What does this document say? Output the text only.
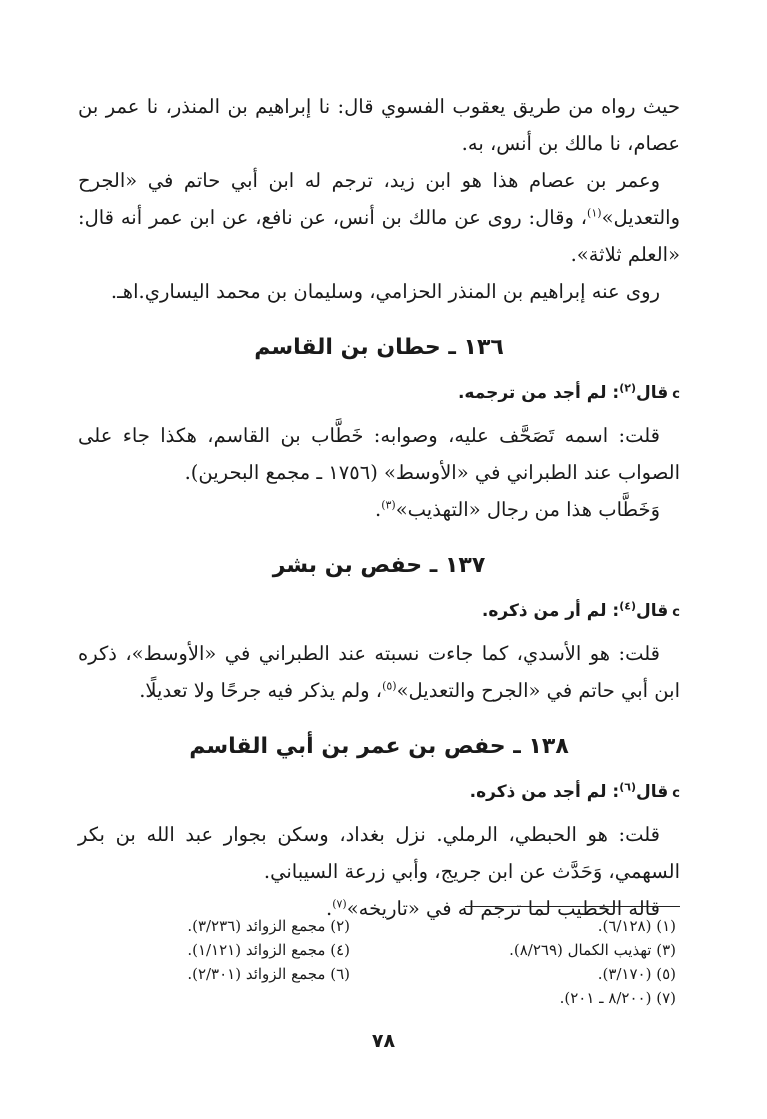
حيث رواه من طريق يعقوب الفسوي قال: نا إبراهيم بن المنذر، نا عمر بن عصام، نا مالك بن أنس، به.

وعمر بن عصام هذا هو ابن زيد، ترجم له ابن أبي حاتم في «الجرح والتعديل»$^{(١)}$، وقال: روى عن مالك بن أنس، عن نافع، عن ابن عمر أنه قال: «العلم ثلاثة».

روى عنه إبراهيم بن المنذر الحزامي، وسليمان بن محمد اليساري.اهـ.

١٣٦ ـ حطان بن القاسم
cقال$^{(٢)}$: لم أجد من ترجمه.

قلت: اسمه تَصَحَّف عليه، وصوابه: خَطَّاب بن القاسم، هكذا جاء على الصواب عند الطبراني في «الأوسط» (١٧٥٦ ـ مجمع البحرين).

وَخَطَّاب هذا من رجال «التهذيب»$^{(٣)}$.

١٣٧ ـ حفص بن بشر
cقال$^{(٤)}$: لم أر من ذكره.

قلت: هو الأسدي، كما جاءت نسبته عند الطبراني في «الأوسط»، ذكره ابن أبي حاتم في «الجرح والتعديل»$^{(٥)}$، ولم يذكر فيه جرحًا ولا تعديلًا.

١٣٨ ـ حفص بن عمر بن أبي القاسم
cقال$^{(٦)}$: لم أجد من ذكره.

قلت: هو الحبطي، الرملي. نزل بغداد، وسكن بجوار عبد الله بن بكر السهمي، وَحَدَّث عن ابن جريج، وأبي زرعة السيباني.

قاله الخطيب لما ترجم له في «تاريخه»$^{(٧)}$.

(١) (٦/١٢٨).
(٣) تهذيب الكمال (٨/٢٦٩).
(٥) (٣/١٧٠).
(٧) (٨/٢٠٠ ـ ٢٠١).
(٢) مجمع الزوائد (٣/٢٣٦).
(٤) مجمع الزوائد (١/١٢١).
(٦) مجمع الزوائد (٢/٣٠١).
٧٨
